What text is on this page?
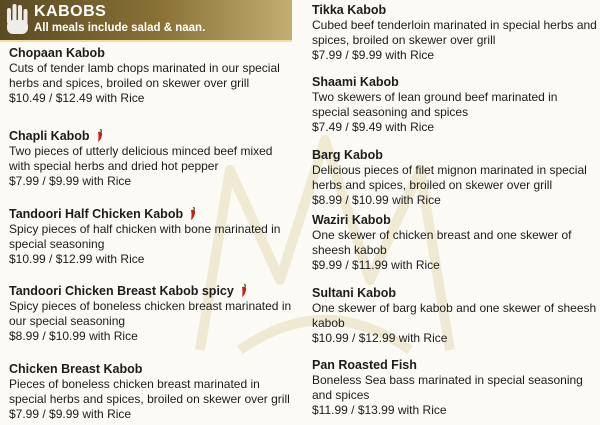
KABOBS
All meals include salad & naan.
Chopaan Kabob
Cuts of tender lamb chops marinated in our special herbs and spices, broiled on skewer over grill
$10.49 / $12.49 with Rice
Chapli Kabob
Two pieces of utterly delicious minced beef mixed with special herbs and dried hot pepper
$7.99 / $9.99 with Rice
Tandoori Half Chicken Kabob
Spicy pieces of half chicken with bone marinated in special seasoning
$10.99 / $12.99 with Rice
Tandoori Chicken Breast Kabob spicy
Spicy pieces of boneless chicken breast marinated in our special seasoning
$8.99 / $10.99 with Rice
Chicken Breast Kabob
Pieces of boneless chicken breast marinated in special herbs and spices, broiled on skewer over grill
$7.99 / $9.99 with Rice
Tikka Kabob
Cubed beef tenderloin marinated in special herbs and spices, broiled on skewer over grill
$7.99 / $9.99 with Rice
Shaami Kabob
Two skewers of lean ground beef marinated in special seasoning and spices
$7.49 / $9.49 with Rice
Barg Kabob
Delicious pieces of filet mignon marinated in special herbs and spices, broiled on skewer over grill
$8.99 / $10.99 with Rice
Waziri Kabob
One skewer of chicken breast and one skewer of sheesh kabob
$9.99 / $11.99 with Rice
Sultani Kabob
One skewer of barg kabob and one skewer of sheesh kabob
$10.99 / $12.99 with Rice
Pan Roasted Fish
Boneless Sea bass marinated in special seasoning and spices
$11.99 / $13.99 with Rice
